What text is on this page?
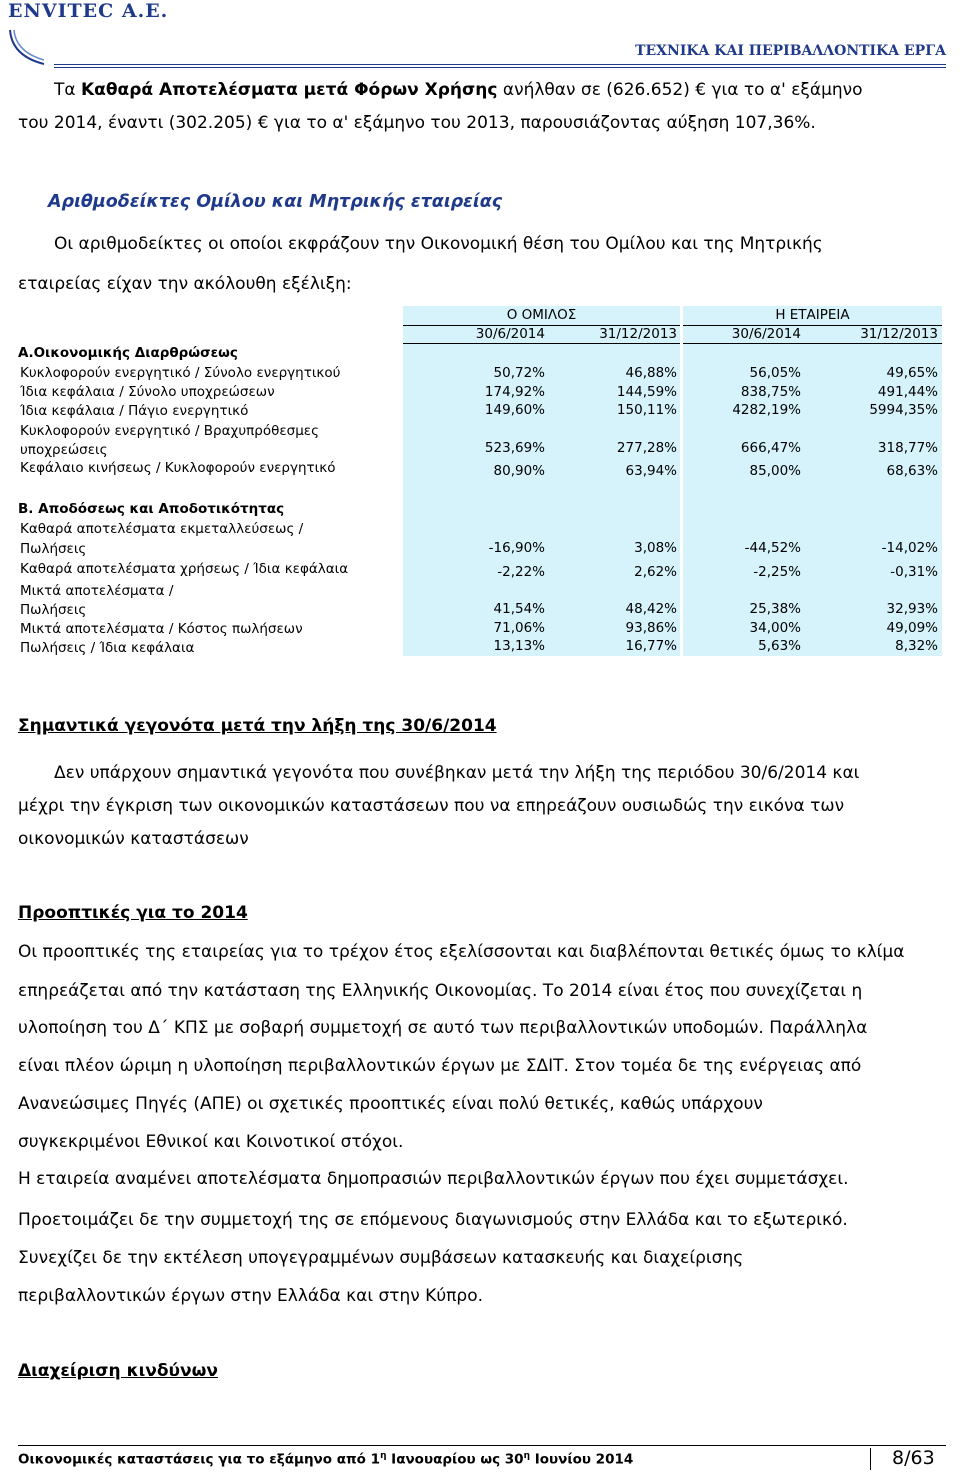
ENVITEC Α.Ε.
ΤΕΧΝΙΚΑ ΚΑΙ ΠΕΡΙΒΑΛΛΟΝΤΙΚΑ ΕΡΓΑ
Τα Καθαρά Αποτελέσματα μετά Φόρων Χρήσης ανήλθαν σε (626.652) € για το α' εξάμηνο
του 2014, έναντι (302.205) € για το α' εξάμηνο του 2013, παρουσιάζοντας αύξηση 107,36%.
Αριθμοδείκτες Ομίλου και Μητρικής εταιρείας
Οι αριθμοδείκτες οι οποίοι εκφράζουν την Οικονομική θέση του Ομίλου και της Μητρικής
εταιρείας είχαν την ακόλουθη εξέλιξη:
Ο ΟΜΙΛΟΣ	Η ΕΤΑΙΡΕΙΑ
30/6/2014	31/12/2013	30/6/2014	31/12/2013
Α.Οικονομικής Διαρθρώσεως
Κυκλοφορούν ενεργητικό / Σύνολο ενεργητικού	50,72%	46,88%	56,05%	49,65%
Ίδια κεφάλαια / Σύνολο υποχρεώσεων	174,92%	144,59%	838,75%	491,44%
Ίδια κεφάλαια / Πάγιο ενεργητικό	149,60%	150,11%	4282,19%	5994,35%
Κυκλοφορούν ενεργητικό / Βραχυπρόθεσμες
υποχρεώσεις	523,69%	277,28%	666,47%	318,77%
Κεφάλαιο κινήσεως / Κυκλοφορούν ενεργητικό	80,90%	63,94%	85,00%	68,63%
Β. Αποδόσεως και Αποδοτικότητας
Καθαρά αποτελέσματα εκμεταλλεύσεως /
Πωλήσεις	-16,90%	3,08%	-44,52%	-14,02%
Καθαρά αποτελέσματα χρήσεως / Ίδια κεφάλαια	-2,22%	2,62%	-2,25%	-0,31%
Μικτά αποτελέσματα /
Πωλήσεις	41,54%	48,42%	25,38%	32,93%
Μικτά αποτελέσματα / Κόστος πωλήσεων	71,06%	93,86%	34,00%	49,09%
Πωλήσεις / Ίδια κεφάλαια	13,13%	16,77%	5,63%	8,32%
Σημαντικά γεγονότα μετά την λήξη της 30/6/2014
Δεν υπάρχουν σημαντικά γεγονότα που συνέβηκαν μετά την λήξη της περιόδου 30/6/2014 και
μέχρι την έγκριση των οικονομικών καταστάσεων που να επηρεάζουν ουσιωδώς την εικόνα των
οικονομικών καταστάσεων
Προοπτικές για το 2014
Οι προοπτικές της εταιρείας για το τρέχον έτος εξελίσσονται και διαβλέπονται θετικές όμως το κλίμα
επηρεάζεται από την κατάσταση της Ελληνικής Οικονομίας. Το 2014 είναι έτος που συνεχίζεται η
υλοποίηση του Δ΄ ΚΠΣ με σοβαρή συμμετοχή σε αυτό των περιβαλλοντικών υποδομών. Παράλληλα
είναι πλέον ώριμη η υλοποίηση περιβαλλοντικών έργων με ΣΔΙΤ. Στον τομέα δε της ενέργειας από
Ανανεώσιμες Πηγές (ΑΠΕ) οι σχετικές προοπτικές είναι πολύ θετικές, καθώς υπάρχουν
συγκεκριμένοι Εθνικοί και Κοινοτικοί στόχοι.
Η εταιρεία αναμένει αποτελέσματα δημοπρασιών περιβαλλοντικών έργων που έχει συμμετάσχει.
Προετοιμάζει δε την συμμετοχή της σε επόμενους διαγωνισμούς στην Ελλάδα και το εξωτερικό.
Συνεχίζει δε την εκτέλεση υπογεγραμμένων συμβάσεων κατασκευής και διαχείρισης
περιβαλλοντικών έργων στην Ελλάδα και στην Κύπρο.
Διαχείριση κινδύνων
Οικονομικές καταστάσεις για το εξάμηνο από $1^\eta$ Ιανουαρίου ως $30^\eta$ Ιουνίου 2014	8/63
